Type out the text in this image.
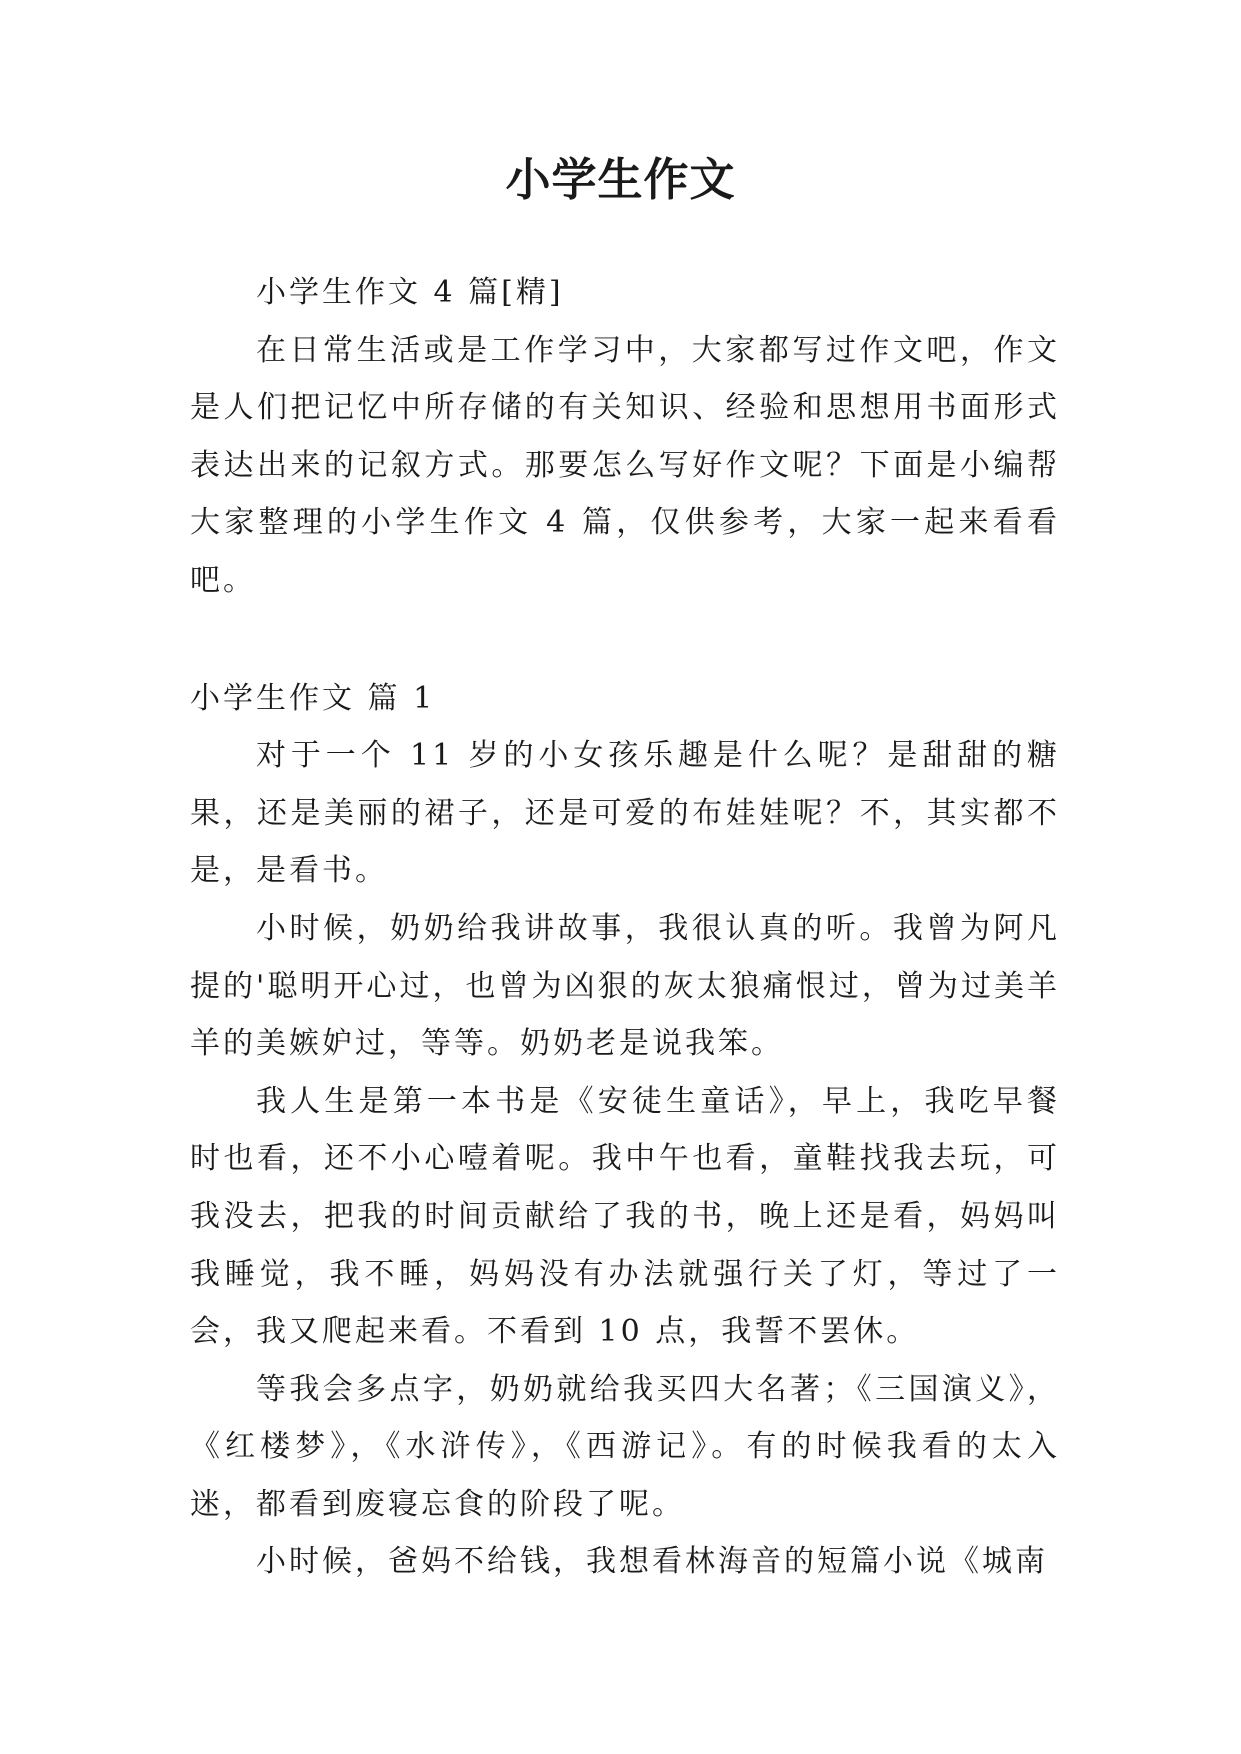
小学生作文

小学生作文 4 篇[精]

在日常生活或是工作学习中，大家都写过作文吧，作文是人们把记忆中所存储的有关知识、经验和思想用书面形式表达出来的记叙方式。那要怎么写好作文呢？下面是小编帮大家整理的小学生作文 4 篇，仅供参考，大家一起来看看吧。

小学生作文 篇 1

对于一个 11 岁的小女孩乐趣是什么呢？是甜甜的糖果，还是美丽的裙子，还是可爱的布娃娃呢？不，其实都不是，是看书。

小时候，奶奶给我讲故事，我很认真的听。我曾为阿凡提的'聪明开心过，也曾为凶狠的灰太狼痛恨过，曾为过美羊羊的美嫉妒过，等等。奶奶老是说我笨。

我人生是第一本书是《安徒生童话》，早上，我吃早餐时也看，还不小心噎着呢。我中午也看，童鞋找我去玩，可我没去，把我的时间贡献给了我的书，晚上还是看，妈妈叫我睡觉，我不睡，妈妈没有办法就强行关了灯，等过了一会，我又爬起来看。不看到 10 点，我誓不罢休。

等我会多点字，奶奶就给我买四大名著；《三国演义》，《红楼梦》，《水浒传》，《西游记》。有的时候我看的太入迷，都看到废寝忘食的阶段了呢。

小时候，爸妈不给钱，我想看林海音的短篇小说《城南
